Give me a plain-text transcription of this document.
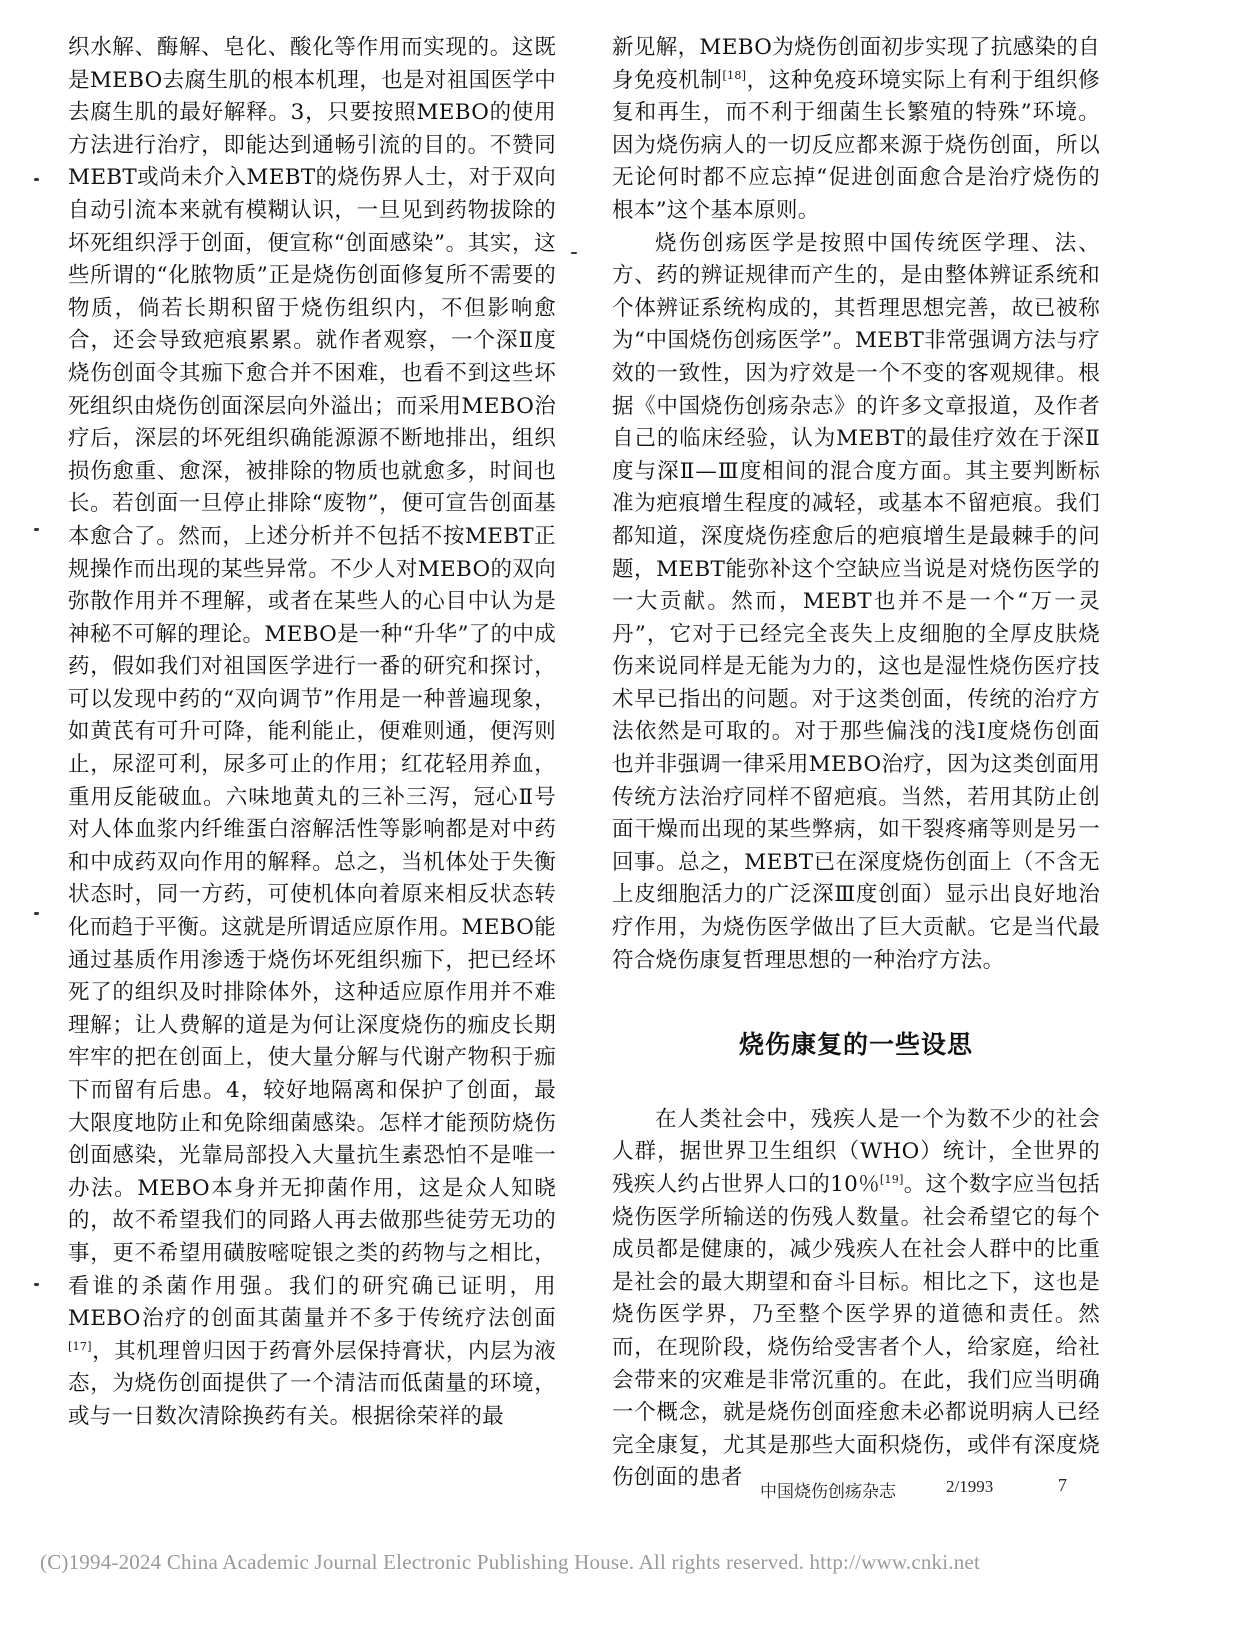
织水解、酶解、皂化、酸化等作用而实现的。这既是MEBO去腐生肌的根本机理，也是对祖国医学中去腐生肌的最好解释。3，只要按照MEBO的使用方法进行治疗，即能达到通畅引流的目的。不赞同MEBT或尚未介入MEBT的烧伤界人士，对于双向自动引流本来就有模糊认识，一旦见到药物拔除的坏死组织浮于创面，便宣称“创面感染”。其实，这些所谓的“化脓物质”正是烧伤创面修复所不需要的物质，倘若长期积留于烧伤组织内，不但影响愈合，还会导致疤痕累累。就作者观察，一个深Ⅱ度烧伤创面令其痂下愈合并不困难，也看不到这些坏死组织由烧伤创面深层向外溢出；而采用MEBO治疗后，深层的坏死组织确能源源不断地排出，组织损伤愈重、愈深，被排除的物质也就愈多，时间也长。若创面一旦停止排除“废物”，便可宣告创面基本愈合了。然而，上述分析并不包括不按MEBT正规操作而出现的某些异常。不少人对MEBO的双向弥散作用并不理解，或者在某些人的心目中认为是神秘不可解的理论。MEBO是一种“升华”了的中成药，假如我们对祖国医学进行一番的研究和探讨，可以发现中药的“双向调节”作用是一种普遍现象，如黄芪有可升可降，能利能止，便难则通，便泻则止，尿涩可利，尿多可止的作用；红花轻用养血，重用反能破血。六味地黄丸的三补三泻，冠心Ⅱ号对人体血浆内纤维蛋白溶解活性等影响都是对中药和中成药双向作用的解释。总之，当机体处于失衡状态时，同一方药，可使机体向着原来相反状态转化而趋于平衡。这就是所谓适应原作用。MEBO能通过基质作用渗透于烧伤坏死组织痂下，把已经坏死了的组织及时排除体外，这种适应原作用并不难理解；让人费解的道是为何让深度烧伤的痂皮长期牢牢的把在创面上，使大量分解与代谢产物积于痂下而留有后患。4，较好地隔离和保护了创面，最大限度地防止和免除细菌感染。怎样才能预防烧伤创面感染，光靠局部投入大量抗生素恐怕不是唯一办法。MEBO本身并无抑菌作用，这是众人知晓的，故不希望我们的同路人再去做那些徒劳无功的事，更不希望用磺胺嘧啶银之类的药物与之相比，看谁的杀菌作用强。我们的研究确已证明，用MEBO治疗的创面其菌量并不多于传统疗法创面[17]，其机理曾归因于药膏外层保持膏状，内层为液态，为烧伤创面提供了一个清洁而低菌量的环境，或与一日数次清除换药有关。根据徐荣祥的最

新见解，MEBO为烧伤创面初步实现了抗感染的自身免疫机制[18]，这种免疫环境实际上有利于组织修复和再生，而不利于细菌生长繁殖的特殊”环境。因为烧伤病人的一切反应都来源于烧伤创面，所以无论何时都不应忘掉“促进创面愈合是治疗烧伤的根本”这个基本原则。

烧伤创疡医学是按照中国传统医学理、法、方、药的辨证规律而产生的，是由整体辨证系统和个体辨证系统构成的，其哲理思想完善，故已被称为“中国烧伤创疡医学”。MEBT非常强调方法与疗效的一致性，因为疗效是一个不变的客观规律。根据《中国烧伤创疡杂志》的许多文章报道，及作者自己的临床经验，认为MEBT的最佳疗效在于深Ⅱ度与深Ⅱ—Ⅲ度相间的混合度方面。其主要判断标准为疤痕增生程度的减轻，或基本不留疤痕。我们都知道，深度烧伤痊愈后的疤痕增生是最棘手的问题，MEBT能弥补这个空缺应当说是对烧伤医学的一大贡献。然而，MEBT也并不是一个“万一灵丹”，它对于已经完全丧失上皮细胞的全厚皮肤烧伤来说同样是无能为力的，这也是湿性烧伤医疗技术早已指出的问题。对于这类创面，传统的治疗方法依然是可取的。对于那些偏浅的浅Ⅰ度烧伤创面也并非强调一律采用MEBO治疗，因为这类创面用传统方法治疗同样不留疤痕。当然，若用其防止创面干燥而出现的某些弊病，如干裂疼痛等则是另一回事。总之，MEBT已在深度烧伤创面上（不含无上皮细胞活力的广泛深Ⅲ度创面）显示出良好地治疗作用，为烧伤医学做出了巨大贡献。它是当代最符合烧伤康复哲理思想的一种治疗方法。

烧伤康复的一些设思

在人类社会中，残疾人是一个为数不少的社会人群，据世界卫生组织（WHO）统计，全世界的残疾人约占世界人口的10％[19]。这个数字应当包括烧伤医学所输送的伤残人数量。社会希望它的每个成员都是健康的，减少残疾人在社会人群中的比重是社会的最大期望和奋斗目标。相比之下，这也是烧伤医学界，乃至整个医学界的道德和责任。然而，在现阶段，烧伤给受害者个人，给家庭，给社会带来的灾难是非常沉重的。在此，我们应当明确一个概念，就是烧伤创面痊愈未必都说明病人已经完全康复，尤其是那些大面积烧伤，或伴有深度烧伤创面的患者

中国烧伤创疡杂志	2/1993	7
(C)1994-2024 China Academic Journal Electronic Publishing House. All rights reserved. http://www.cnki.net
